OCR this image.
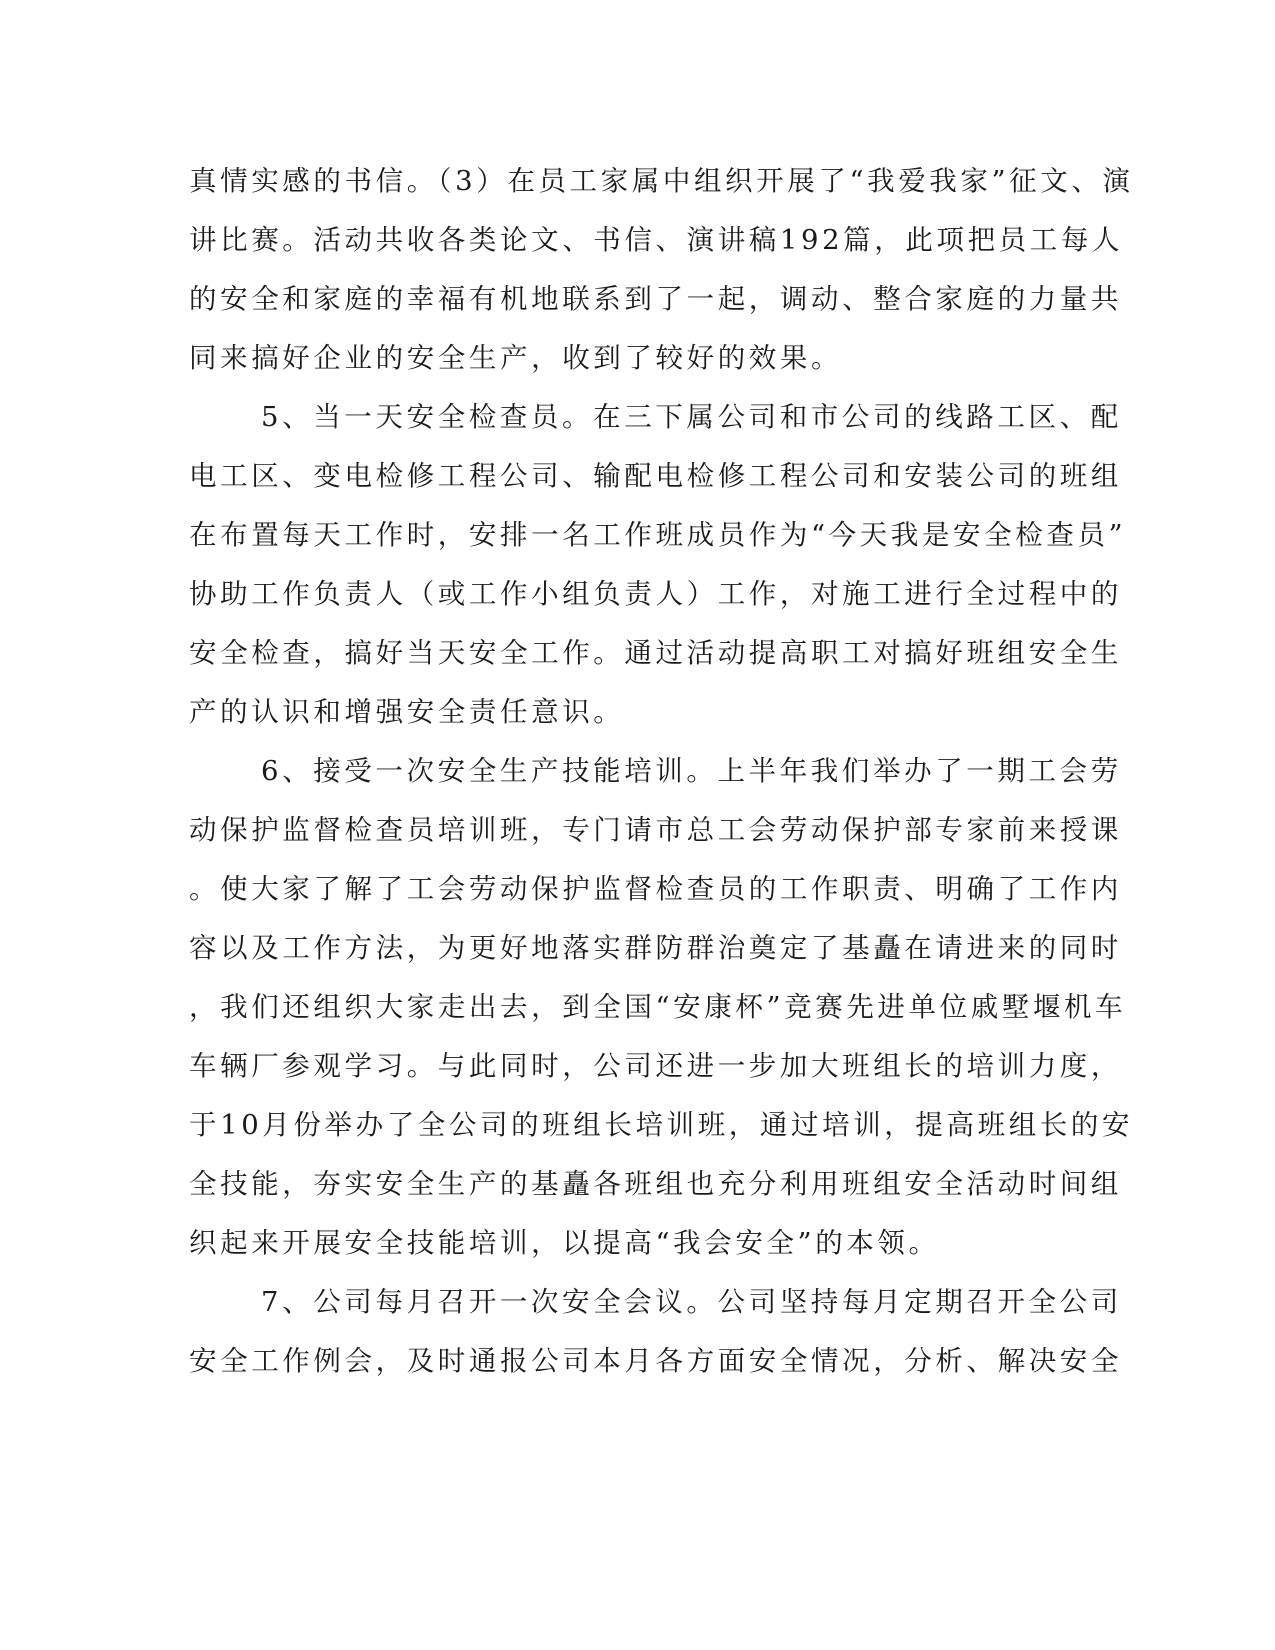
真情实感的书信。（3）在员工家属中组织开展了“我爱我家”征文、演
讲比赛。活动共收各类论文、书信、演讲稿192篇，此项把员工每人
的安全和家庭的幸福有机地联系到了一起，调动、整合家庭的力量共
同来搞好企业的安全生产，收到了较好的效果。
5、当一天安全检查员。在三下属公司和市公司的线路工区、配
电工区、变电检修工程公司、输配电检修工程公司和安装公司的班组
在布置每天工作时，安排一名工作班成员作为“今天我是安全检查员”
协助工作负责人（或工作小组负责人）工作，对施工进行全过程中的
安全检查，搞好当天安全工作。通过活动提高职工对搞好班组安全生
产的认识和增强安全责任意识。
6、接受一次安全生产技能培训。上半年我们举办了一期工会劳
动保护监督检查员培训班，专门请市总工会劳动保护部专家前来授课
。使大家了解了工会劳动保护监督检查员的工作职责、明确了工作内
容以及工作方法，为更好地落实群防群治奠定了基矗在请进来的同时
，我们还组织大家走出去，到全国“安康杯”竞赛先进单位戚墅堰机车
车辆厂参观学习。与此同时，公司还进一步加大班组长的培训力度，
于10月份举办了全公司的班组长培训班，通过培训，提高班组长的安
全技能，夯实安全生产的基矗各班组也充分利用班组安全活动时间组
织起来开展安全技能培训，以提高“我会安全”的本领。
7、公司每月召开一次安全会议。公司坚持每月定期召开全公司
安全工作例会，及时通报公司本月各方面安全情况，分析、解决安全
